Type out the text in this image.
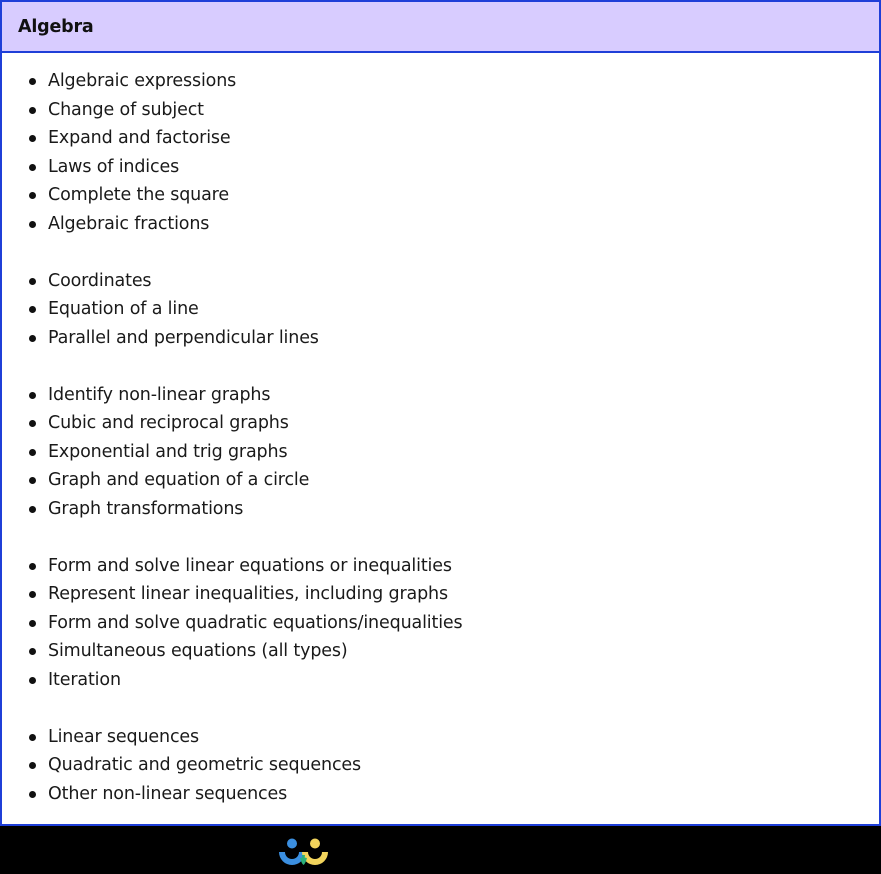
Algebra
Algebraic expressions
Change of subject
Expand and factorise
Laws of indices
Complete the square
Algebraic fractions
Coordinates
Equation of a line
Parallel and perpendicular lines
Identify non-linear graphs
Cubic and reciprocal graphs
Exponential and trig graphs
Graph and equation of a circle
Graph transformations
Form and solve linear equations or inequalities
Represent linear inequalities, including graphs
Form and solve quadratic equations/inequalities
Simultaneous equations (all types)
Iteration
Linear sequences
Quadratic and geometric sequences
Other non-linear sequences
